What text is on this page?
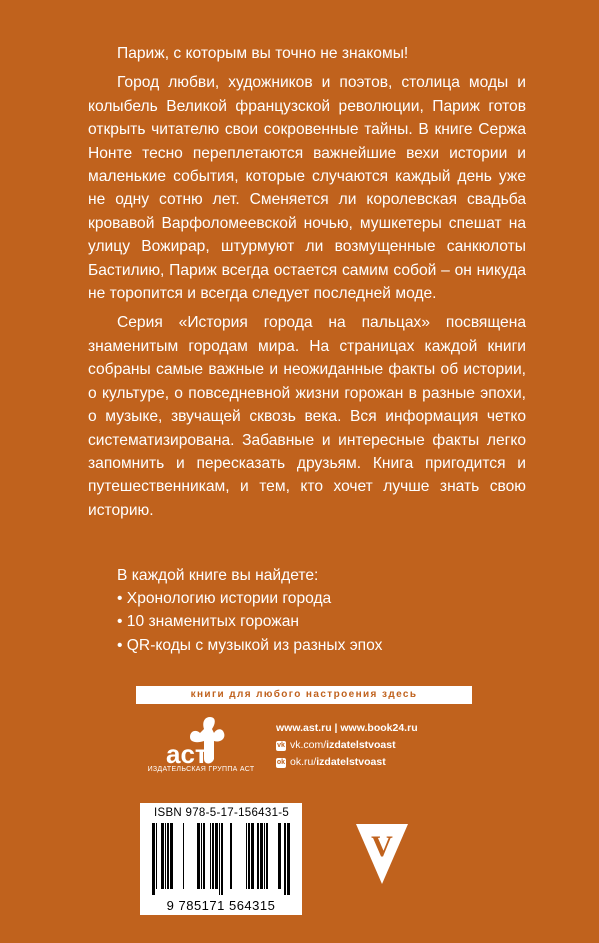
Париж, с которым вы точно не знакомы!

Город любви, художников и поэтов, столица моды и колыбель Великой французской революции, Париж готов открыть читателю свои сокровенные тайны. В книге Сержа Нонте тесно переплетаются важнейшие вехи истории и маленькие события, которые случаются каждый день уже не одну сотню лет. Сменяется ли королевская свадьба кровавой Варфоломеевской ночью, мушкетеры спешат на улицу Вожирар, штурмуют ли возмущенные санкюлоты Бастилию, Париж всегда остается самим собой – он никуда не торопится и всегда следует последней моде.

Серия «История города на пальцах» посвящена знаменитым городам мира. На страницах каждой книги собраны самые важные и неожиданные факты об истории, о культуре, о повседневной жизни горожан в разные эпохи, о музыке, звучащей сквозь века. Вся информация четко систематизирована. Забавные и интересные факты легко запомнить и пересказать друзьям. Книга пригодится и путешественникам, и тем, кто хочет лучше знать свою историю.

В каждой книге вы найдете:
• Хронологию истории города
• 10 знаменитых горожан
• QR-коды с музыкой из разных эпох
книги для любого настроения здесь
аст
ИЗДАТЕЛЬСКАЯ ГРУППА АСТ
www.ast.ru | www.book24.ru
vk vk.com/ izdatelstvoast
ok ok.ru/ izdatelstvoast
ISBN 978-5-17-156431-5
9 785171 564315
V
